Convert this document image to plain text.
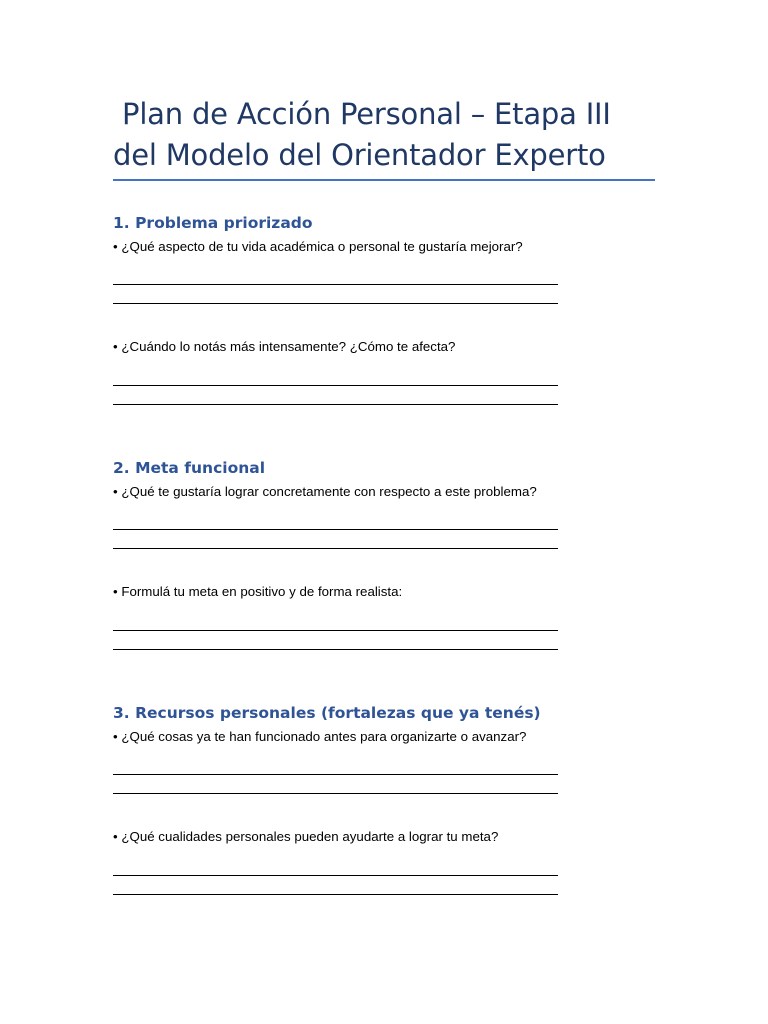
Plan de Acción Personal – Etapa III del Modelo del Orientador Experto
1. Problema priorizado
• ¿Qué aspecto de tu vida académica o personal te gustaría mejorar?
• ¿Cuándo lo notás más intensamente? ¿Cómo te afecta?
2. Meta funcional
• ¿Qué te gustaría lograr concretamente con respecto a este problema?
• Formulá tu meta en positivo y de forma realista:
3. Recursos personales (fortalezas que ya tenés)
• ¿Qué cosas ya te han funcionado antes para organizarte o avanzar?
• ¿Qué cualidades personales pueden ayudarte a lograr tu meta?
